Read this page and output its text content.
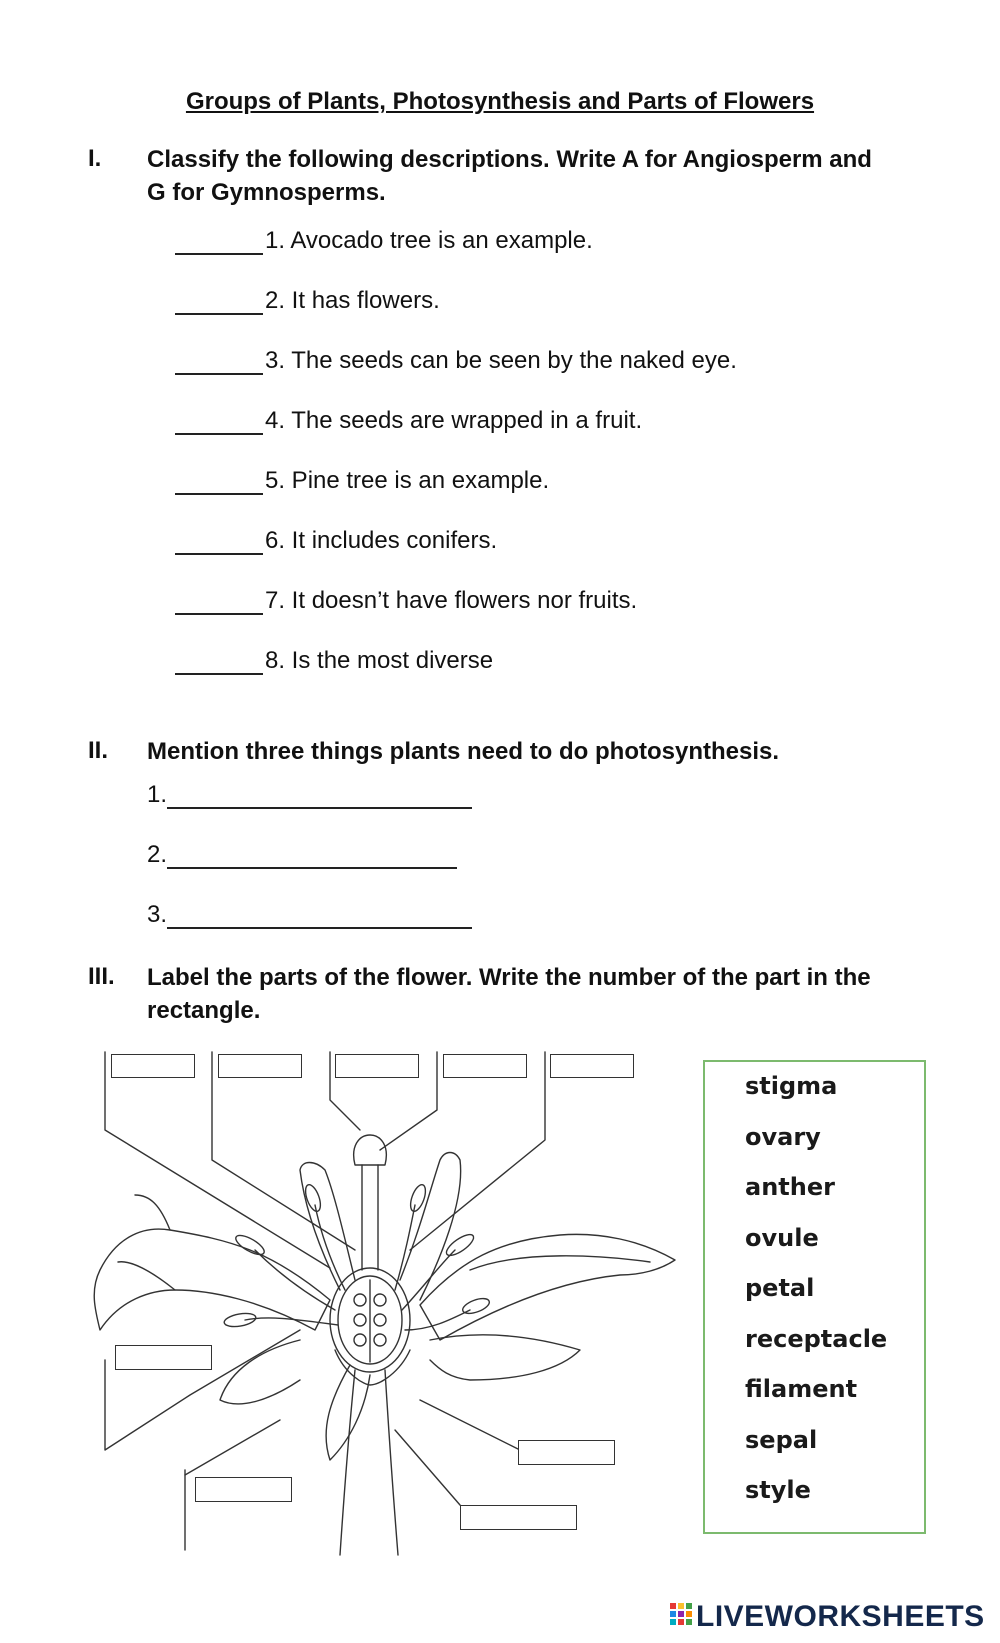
Groups of Plants, Photosynthesis and Parts of Flowers
I. Classify the following descriptions. Write A for Angiosperm and
G for Gymnosperms.
1. Avocado tree is an example.
2. It has flowers.
3. The seeds can be seen by the naked eye.
4. The seeds are wrapped in a fruit.
5. Pine tree is an example.
6. It includes conifers.
7. It doesn’t have flowers nor fruits.
8. Is the most diverse
II. Mention three things plants need to do photosynthesis.
1.
2.
3.
III. Label the parts of the flower. Write the number of the part in the
rectangle.
stigma
ovary
anther
ovule
petal
receptacle
filament
sepal
style
LIVEWORKSHEETS
